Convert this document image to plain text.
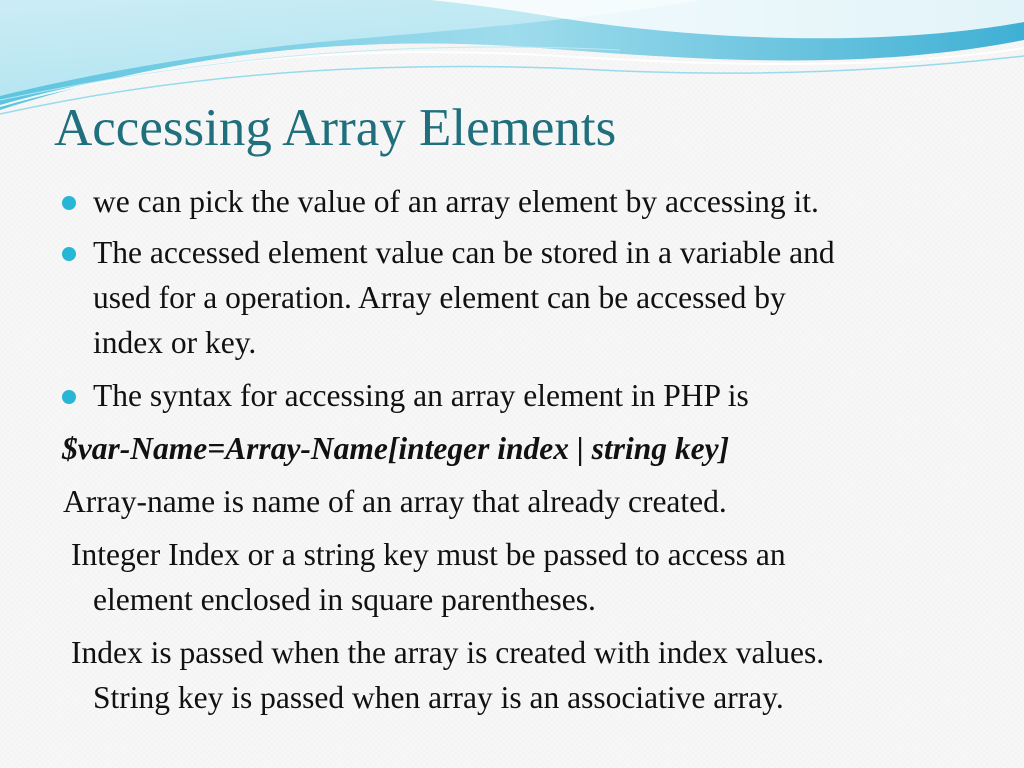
Accessing Array Elements
we can pick the value of an array element by accessing it.
The accessed element value can be stored in a variable and
used for a operation. Array element can be accessed by
index or key.
The syntax for accessing an array element in PHP is
$var-Name=Array-Name[integer index | string key]
Array-name is name of an array that already created.
Integer Index or a string key must be passed to access an
element enclosed in square parentheses.
Index is passed when the array is created with index values.
String key is passed when array is an associative array.
